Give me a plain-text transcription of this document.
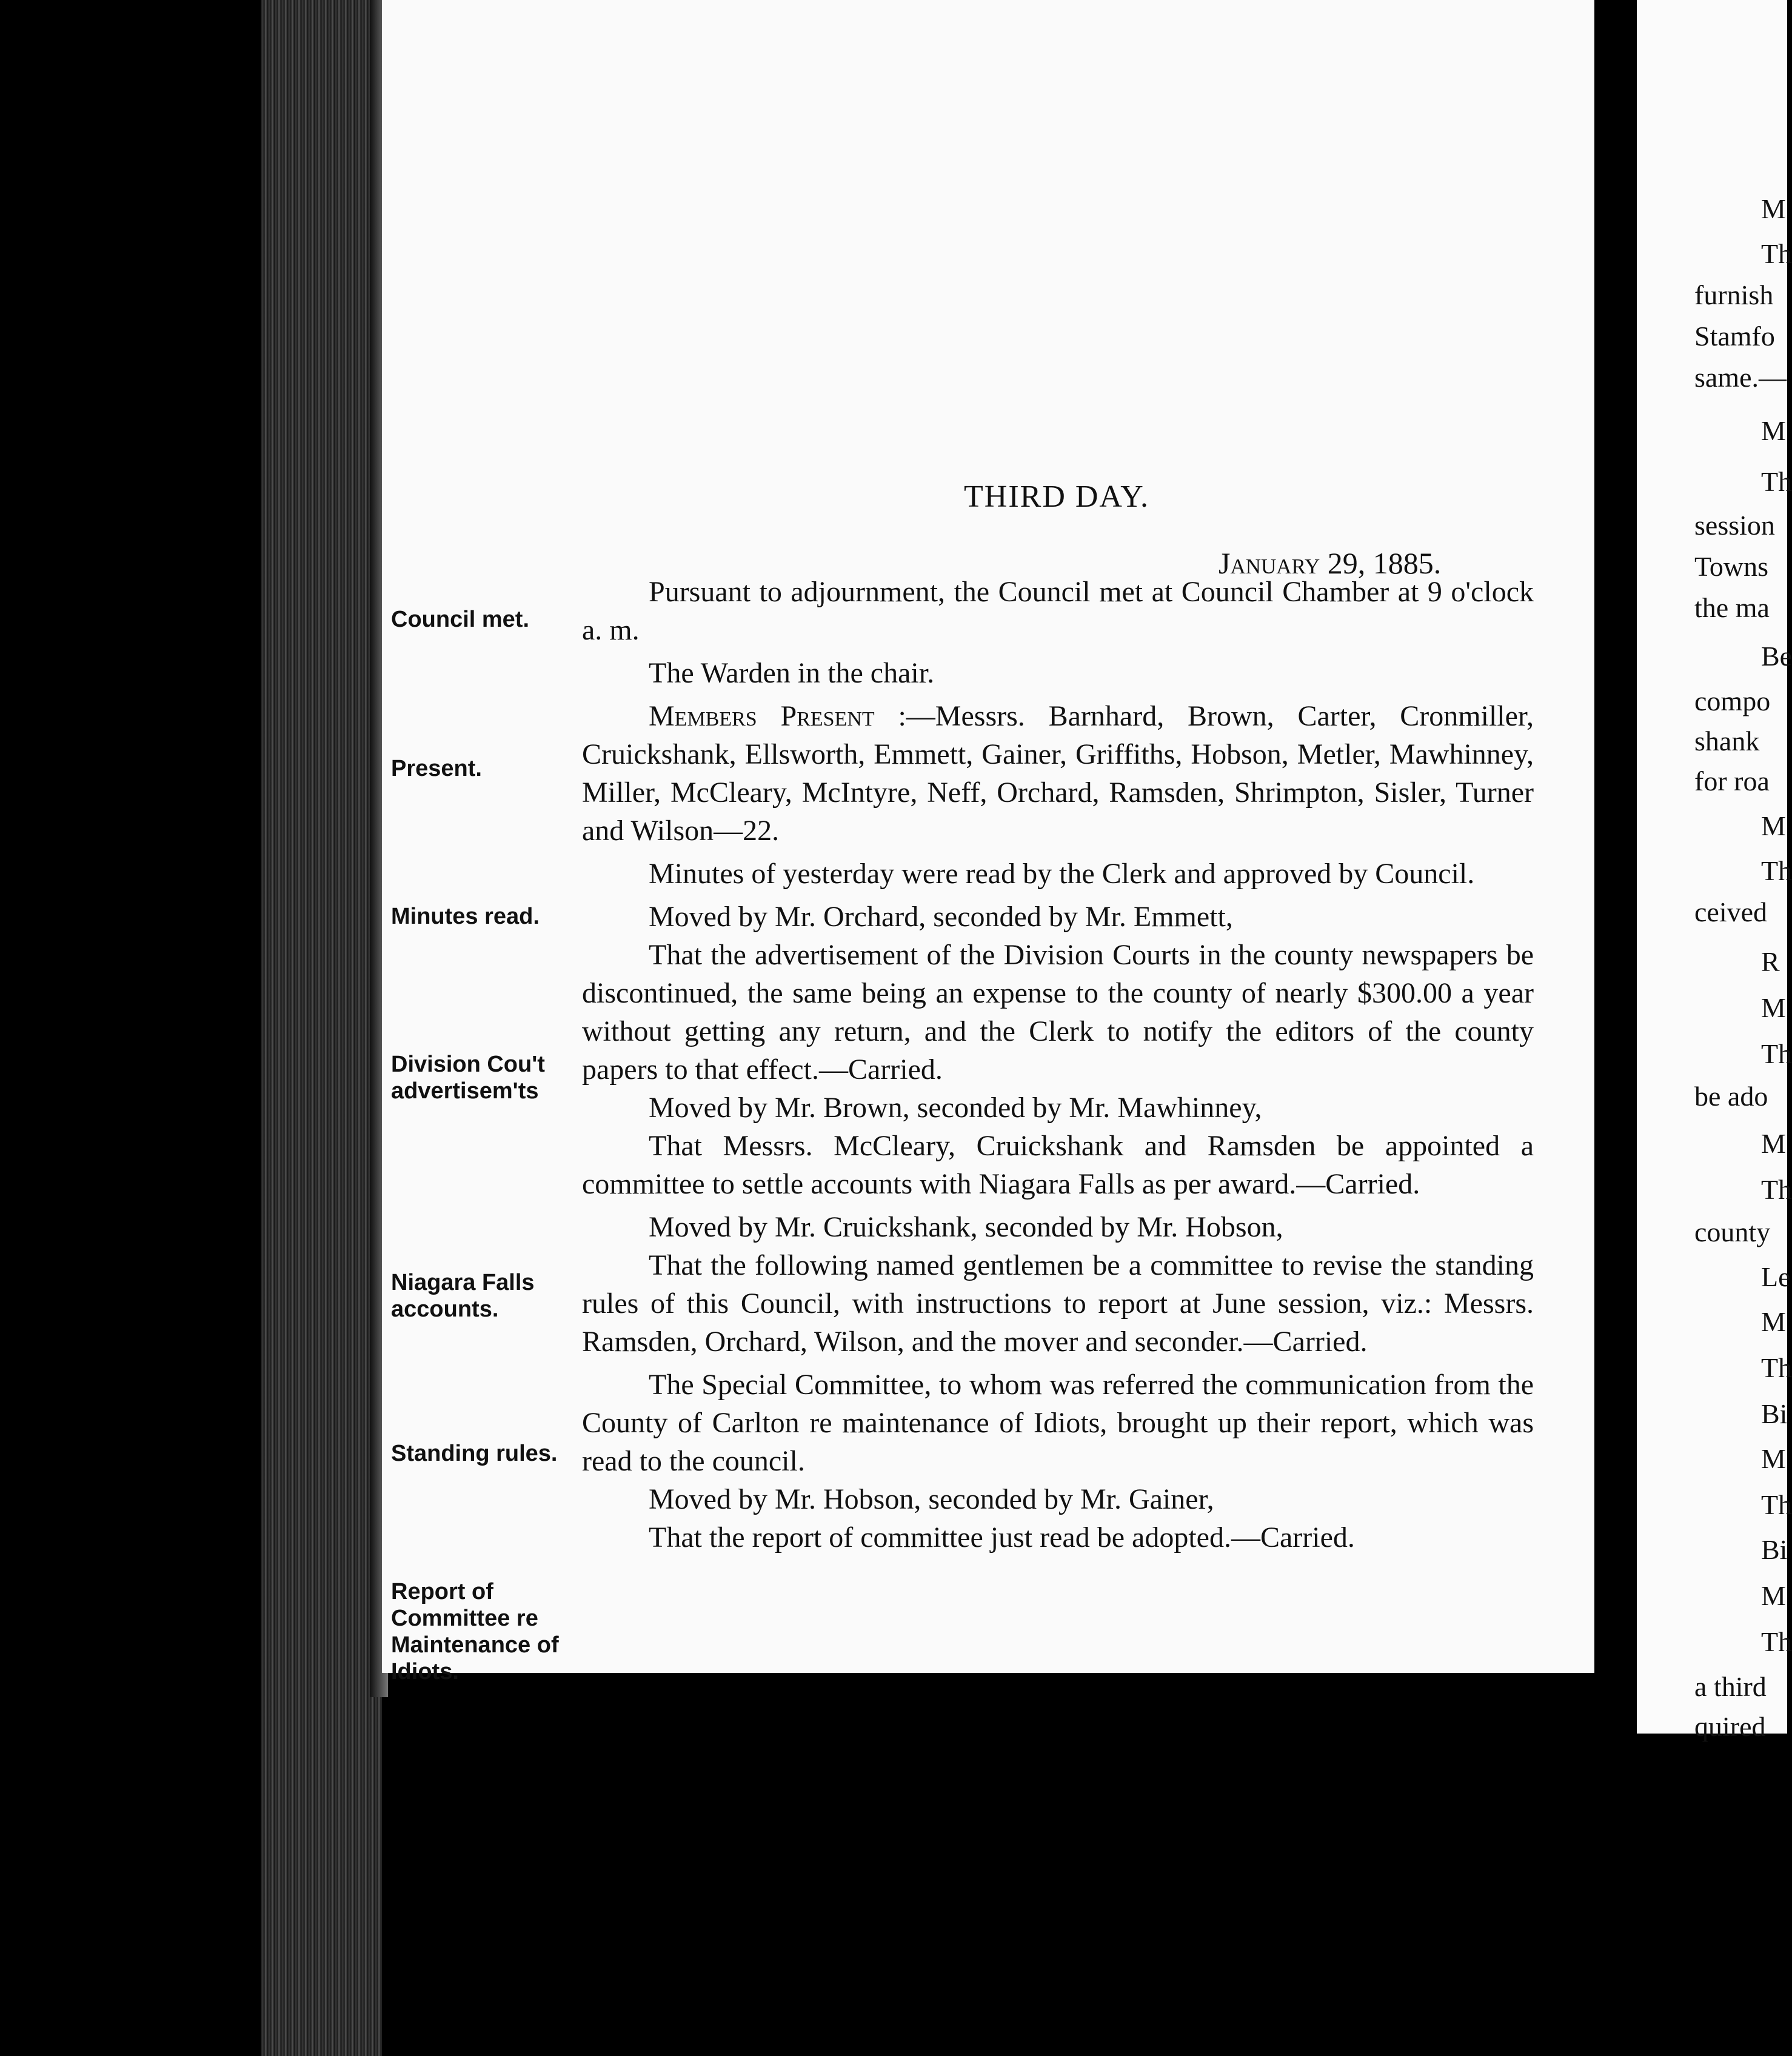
M
Th
furnish
Stamfo
same.—
M
Th
session
Towns
the ma
Be
compo
shank
for roa
M
Th
ceived
R
M
Th
be ado
M
Th
county
Le
M
Th
Bi
M
Th
Bi
M
Th
a third
quired
THIRD DAY.
January 29, 1885.
Council met.
Present.
Minutes read.
Division Cou't advertisem'ts
Niagara Falls accounts.
Standing rules.
Report of Committee re Maintenance of Idiots.

Pursuant to adjournment, the Council met at Council Chamber at 9 o'clock a. m.

The Warden in the chair.

Members Present :—Messrs. Barnhard, Brown, Carter, Cronmiller, Cruickshank, Ellsworth, Emmett, Gainer, Griffiths, Hobson, Metler, Mawhinney, Miller, McCleary, McIntyre, Neff, Orchard, Ramsden, Shrimpton, Sisler, Turner and Wilson—22.

Minutes of yesterday were read by the Clerk and approved by Council.

Moved by Mr. Orchard, seconded by Mr. Emmett,

That the advertisement of the Division Courts in the county newspapers be discontinued, the same being an expense to the county of nearly $300.00 a year without getting any return, and the Clerk to notify the editors of the county papers to that effect.—Carried.

Moved by Mr. Brown, seconded by Mr. Mawhinney,

That Messrs. McCleary, Cruickshank and Ramsden be appointed a committee to settle accounts with Niagara Falls as per award.—Carried.

Moved by Mr. Cruickshank, seconded by Mr. Hobson,

That the following named gentlemen be a committee to revise the standing rules of this Council, with instructions to report at June session, viz.: Messrs. Ramsden, Orchard, Wilson, and the mover and seconder.—Carried.

The Special Committee, to whom was referred the communication from the County of Carlton re maintenance of Idiots, brought up their report, which was read to the council.

Moved by Mr. Hobson, seconded by Mr. Gainer,

That the report of committee just read be adopted.—Carried.
